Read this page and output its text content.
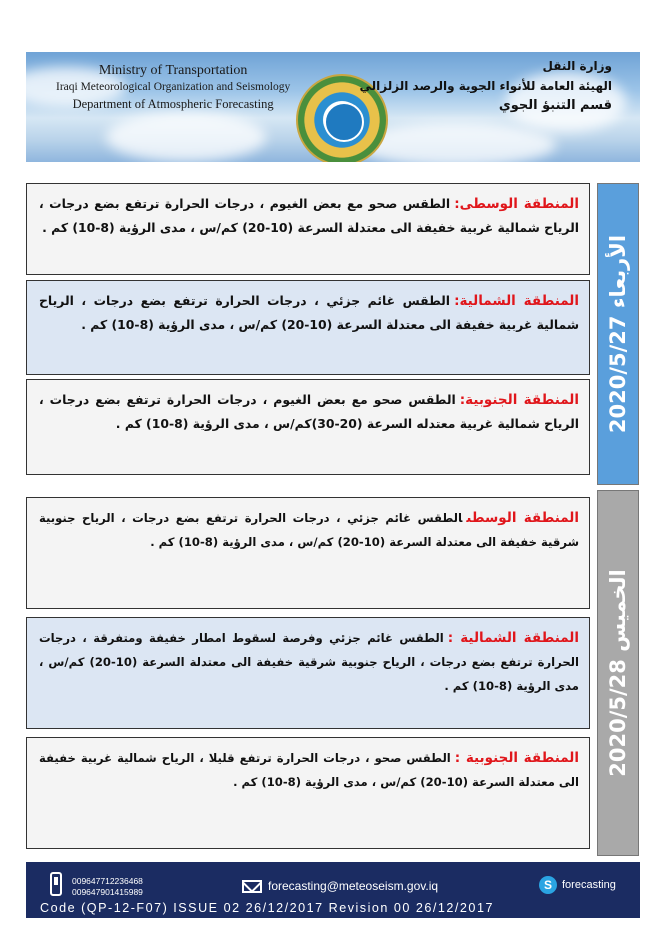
Ministry of Transportation
Iraqi Meteorological Organization and Seismology
Department of Atmospheric Forecasting
وزارة النقل
الهيئة العامة للأنواء الجوية والرصد الزلزالي
قسم التنبؤ الجوي
المنطقة الوسطى:الطقس صحو مع بعض الغيوم ، درجات الحرارة ترتفع بضع درجات ، الرياح شمالية غربية خفيفة الى معتدلة السرعة (10-20) كم/س ، مدى الرؤية (8-10) كم .
المنطقة الشمالية:الطقس غائم جزئي ، درجات الحرارة ترتفع بضع درجات ، الرياح شمالية غربية خفيفة الى معتدلة السرعة (10-20) كم/س ، مدى الرؤية (8-10) كم .
المنطقة الجنوبية:الطقس صحو مع بعض الغيوم ، درجات الحرارة ترتفع بضع درجات ، الرياح شمالية غربية معتدله السرعة (20-30)كم/س ، مدى الرؤية (8-10) كم .	الأربعاء 2020/5/27
المنطقة الوسطىالطقس غائم جزئي ، درجات الحرارة ترتفع بضع درجات ، الرياح جنوبية شرقية خفيفة الى معتدلة السرعة (10-20) كم/س ، مدى الرؤية (8-10) كم .
المنطقة الشمالية :الطقس غائم جزئي وفرصة لسقوط امطار خفيفة ومتفرقة ، درجات الحرارة ترتفع بضع درجات ، الرياح جنوبية شرقية خفيفة الى معتدلة السرعة (10-20) كم/س ، مدى الرؤية (8-10) كم .
المنطقة الجنوبية :الطقس صحو ، درجات الحرارة ترتفع قليلا ، الرياح شمالية غربية خفيفة الى معتدلة السرعة (10-20) كم/س ، مدى الرؤية (8-10) كم .
الخميس 2020/5/28
009647712236468
009647901415989	forecasting@meteoseism.gov.iq	S forecasting
Code (QP-12-F07) ISSUE 02 26/12/2017 Revision 00 26/12/2017
